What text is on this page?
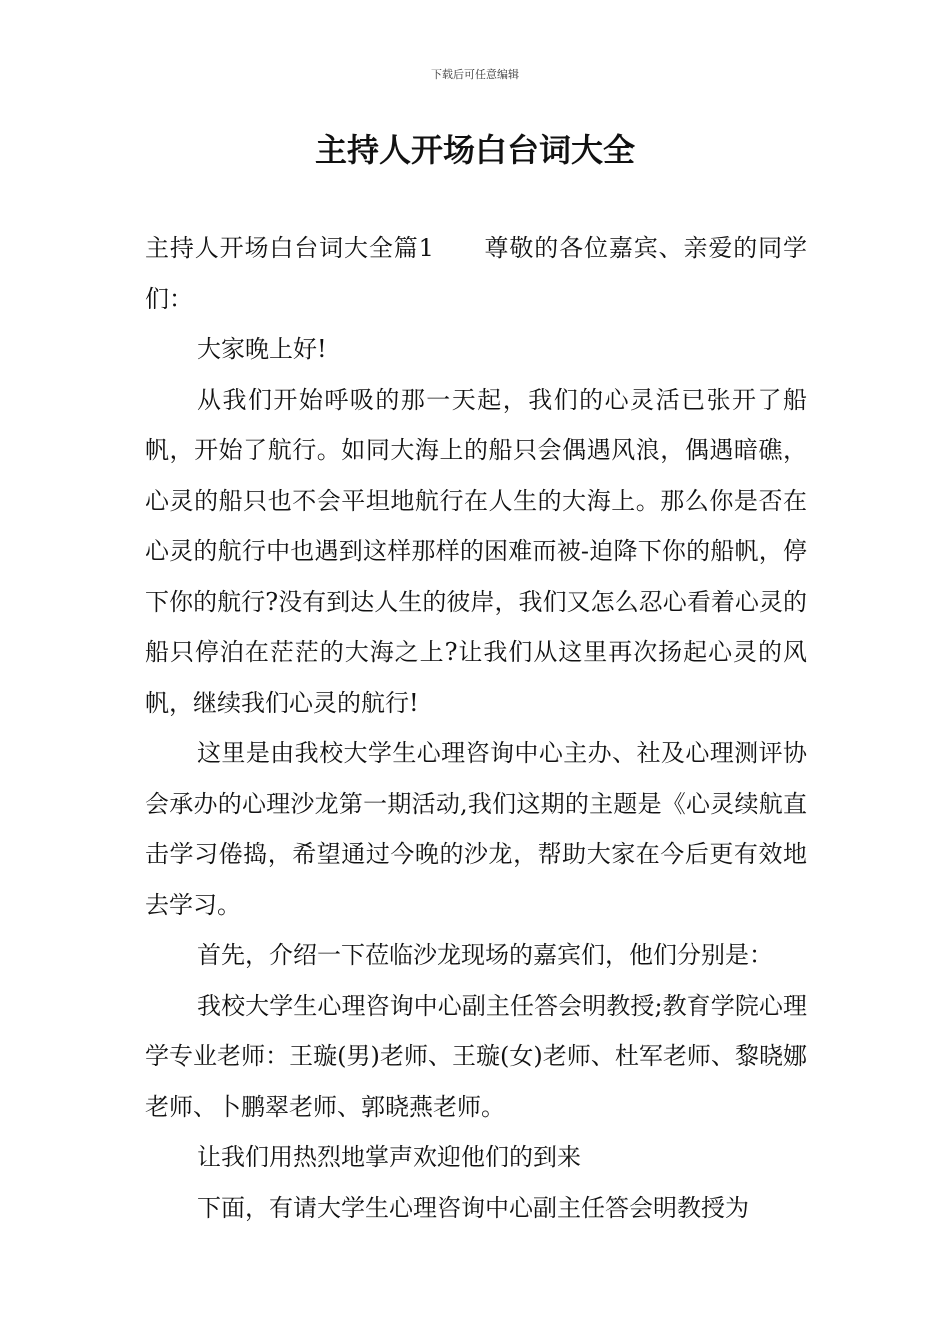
下载后可任意编辑
主持人开场白台词大全

主持人开场白台词大全篇1　　尊敬的各位嘉宾、亲爱的同学们：

大家晚上好!

从我们开始呼吸的那一天起，我们的心灵活已张开了船帆，开始了航行。如同大海上的船只会偶遇风浪，偶遇暗礁，心灵的船只也不会平坦地航行在人生的大海上。那么你是否在心灵的航行中也遇到这样那样的困难而被-迫降下你的船帆，停下你的航行?没有到达人生的彼岸，我们又怎么忍心看着心灵的船只停泊在茫茫的大海之上?让我们从这里再次扬起心灵的风帆，继续我们心灵的航行!

这里是由我校大学生心理咨询中心主办、社及心理测评协会承办的心理沙龙第一期活动,我们这期的主题是《心灵续航直击学习倦捣，希望通过今晚的沙龙，帮助大家在今后更有效地去学习。

首先，介绍一下莅临沙龙现场的嘉宾们，他们分别是：

我校大学生心理咨询中心副主任答会明教授;教育学院心理学专业老师：王璇(男)老师、王璇(女)老师、杜军老师、黎晓娜老师、卜鹏翠老师、郭晓燕老师。

让我们用热烈地掌声欢迎他们的到来

下面，有请大学生心理咨询中心副主任答会明教授为
